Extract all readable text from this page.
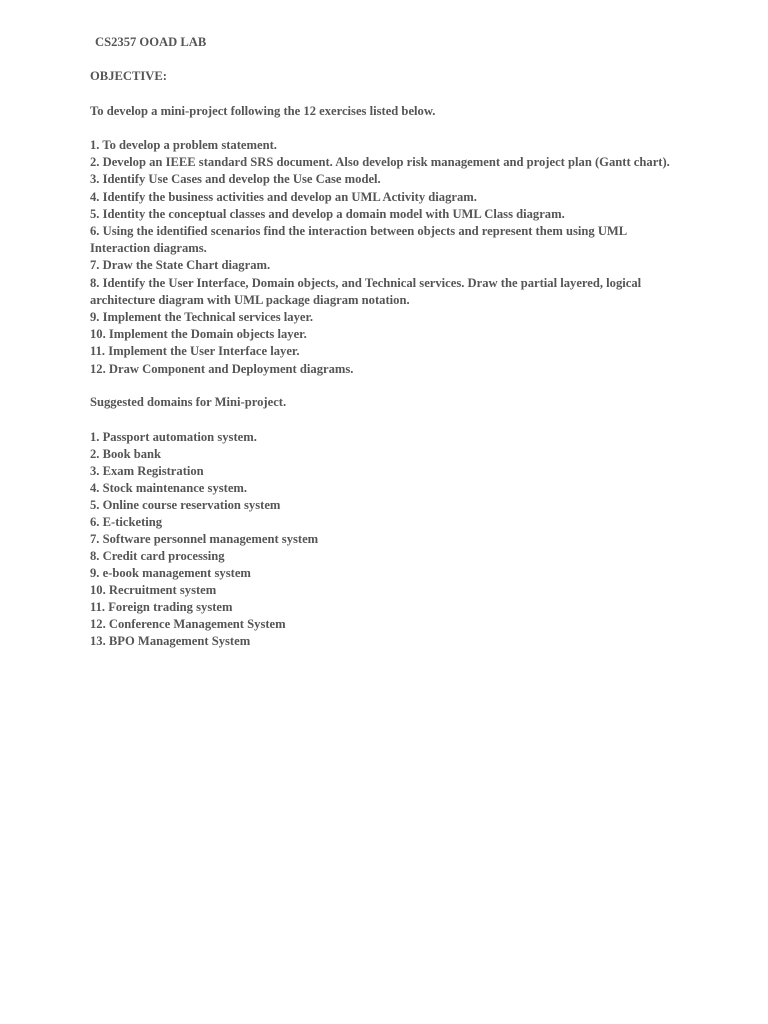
CS2357 OOAD LAB
OBJECTIVE:
To develop a mini-project following the 12 exercises listed below.
1. To develop a problem statement.
2. Develop an IEEE standard SRS document. Also develop risk management and project plan (Gantt chart).
3. Identify Use Cases and develop the Use Case model.
4. Identify the business activities and develop an UML Activity diagram.
5. Identity the conceptual classes and develop a domain model with UML Class diagram.
6. Using the identified scenarios find the interaction between objects and represent them using UML
Interaction diagrams.
7. Draw the State Chart diagram.
8. Identify the User Interface, Domain objects, and Technical services. Draw the partial layered, logical
architecture diagram with UML package diagram notation.
9. Implement the Technical services layer.
10. Implement the Domain objects layer.
11. Implement the User Interface layer.
12. Draw Component and Deployment diagrams.
Suggested domains for Mini-project.
1. Passport automation system.
2. Book bank
3. Exam Registration
4. Stock maintenance system.
5. Online course reservation system
6. E-ticketing
7. Software personnel management system
8. Credit card processing
9. e-book management system
10. Recruitment system
11. Foreign trading system
12. Conference Management System
13. BPO Management System
